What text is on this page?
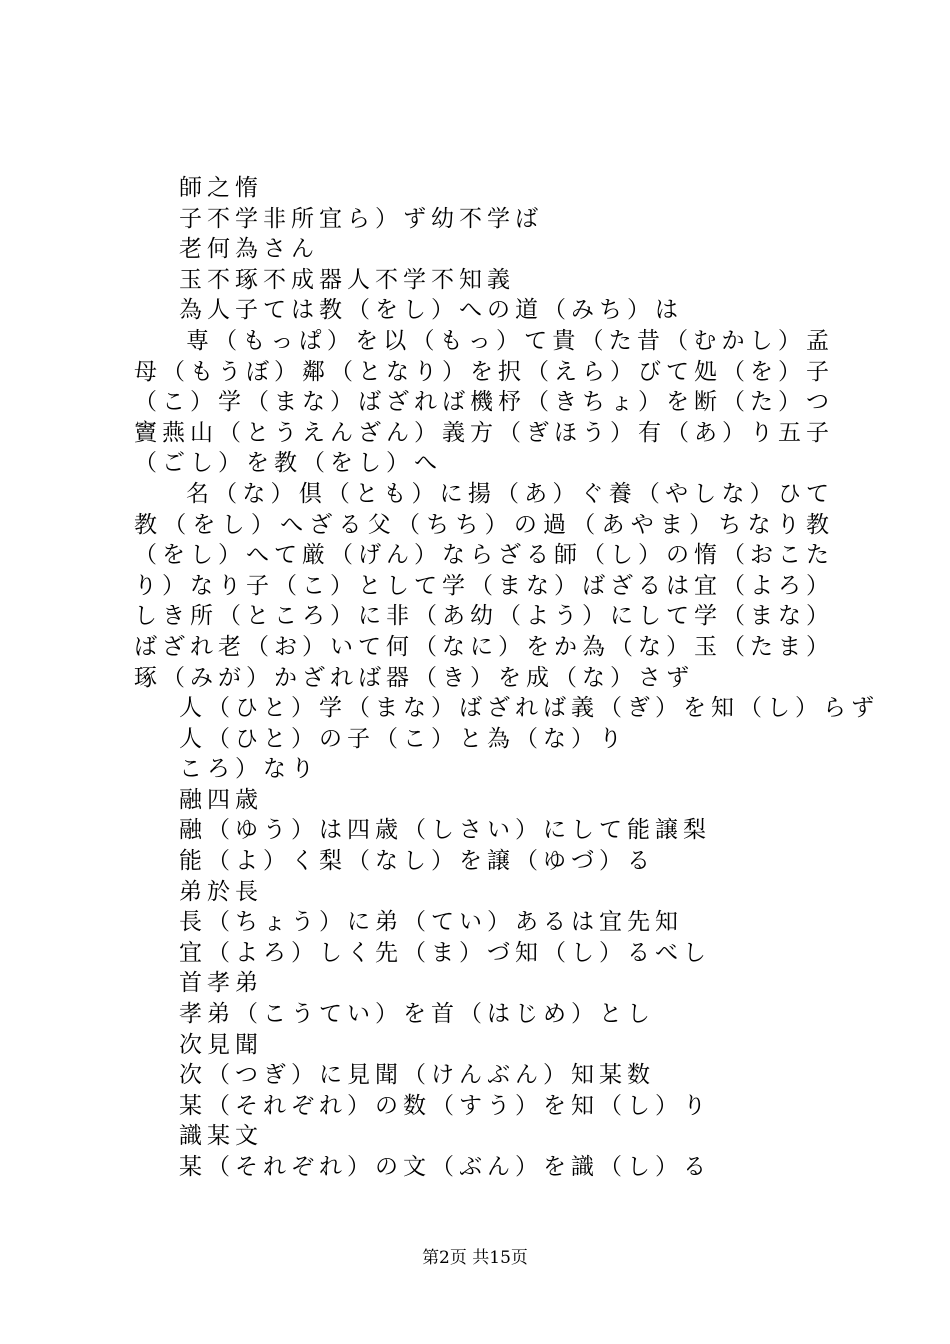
師之惰
子不学非所宜ら）ず幼不学ば
老何為さん
玉不琢不成器人不学不知義
為人子ては教（をし）への道（みち）は
専（もっぱ）を以（もっ）て貴（た昔（むかし）孟母（もうぼ）鄰（となり）を択（えら）びて処（を）子（こ）学（まな）ばざれば機杼（きちょ）を断（た）つ竇燕山（とうえんざん）義方（ぎほう）有（あ）り五子（ごし）を教（をし）へ
名（な）倶（とも）に揚（あ）ぐ養（やしな）ひて教（をし）へざる父（ちち）の過（あやま）ちなり教（をし）へて厳（げん）ならざる師（し）の惰（おこたり）なり子（こ）として学（まな）ばざるは宜（よろ）しき所（ところ）に非（あ幼（よう）にして学（まな）ばざれ老（お）いて何（なに）をか為（な）玉（たま）琢（みが）かざれば器（き）を成（な）さず
人（ひと）学（まな）ばざれば義（ぎ）を知（し）らず
人（ひと）の子（こ）と為（な）り
ころ）なり
融四歳
融（ゆう）は四歳（しさい）にして能譲梨
能（よ）く梨（なし）を譲（ゆづ）る
弟於長
長（ちょう）に弟（てい）あるは宜先知
宜（よろ）しく先（ま）づ知（し）るべし
首孝弟
孝弟（こうてい）を首（はじめ）とし
次見聞
次（つぎ）に見聞（けんぶん）知某数
某（それぞれ）の数（すう）を知（し）り
識某文
某（それぞれ）の文（ぶん）を識（し）る
第2页 共15页
